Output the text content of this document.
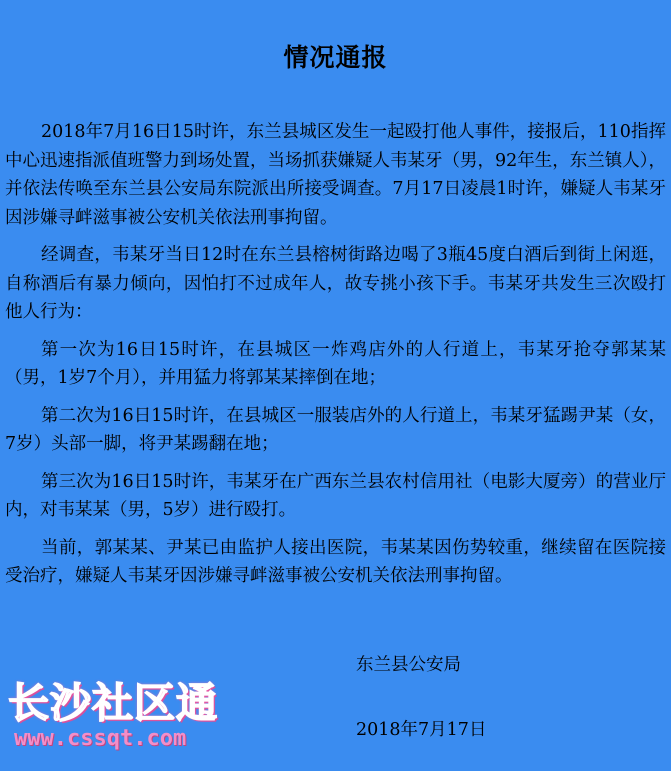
情况通报

2018年7月16日15时许，东兰县城区发生一起殴打他人事件，接报后，110指挥中心迅速指派值班警力到场处置，当场抓获嫌疑人韦某牙（男，92年生，东兰镇人），并依法传唤至东兰县公安局东院派出所接受调查。7月17日凌晨1时许，嫌疑人韦某牙因涉嫌寻衅滋事被公安机关依法刑事拘留。

经调查，韦某牙当日12时在东兰县榕树街路边喝了3瓶45度白酒后到街上闲逛，自称酒后有暴力倾向，因怕打不过成年人，故专挑小孩下手。韦某牙共发生三次殴打他人行为：

第一次为16日15时许，在县城区一炸鸡店外的人行道上，韦某牙抢夺郭某某（男，1岁7个月），并用猛力将郭某某摔倒在地；

第二次为16日15时许，在县城区一服装店外的人行道上，韦某牙猛踢尹某（女，7岁）头部一脚，将尹某踢翻在地；

第三次为16日15时许，韦某牙在广西东兰县农村信用社（电影大厦旁）的营业厅内，对韦某某（男，5岁）进行殴打。

当前，郭某某、尹某已由监护人接出医院，韦某某因伤势较重，继续留在医院接受治疗，嫌疑人韦某牙因涉嫌寻衅滋事被公安机关依法刑事拘留。

东兰县公安局
2018年7月17日
长沙社区通
www.cssqt.com
